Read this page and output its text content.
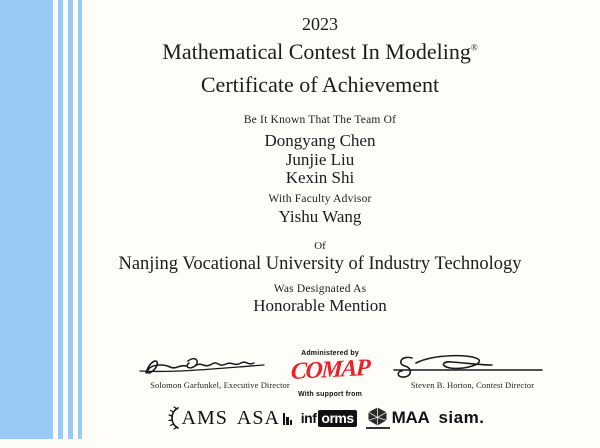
2023
Mathematical Contest In Modeling®
Certificate of Achievement
Be It Known That The Team Of
Dongyang Chen
Junjie Liu
Kexin Shi
With Faculty Advisor
Yishu Wang
Of
Nanjing Vocational University of Industry Technology
Was Designated As
Honorable Mention
Solomon Garfunkel, Executive Director
Administered by
COMAP
With support from
Steven B. Horton, Contest Director
AMS ASA inf orms MAA siam.
